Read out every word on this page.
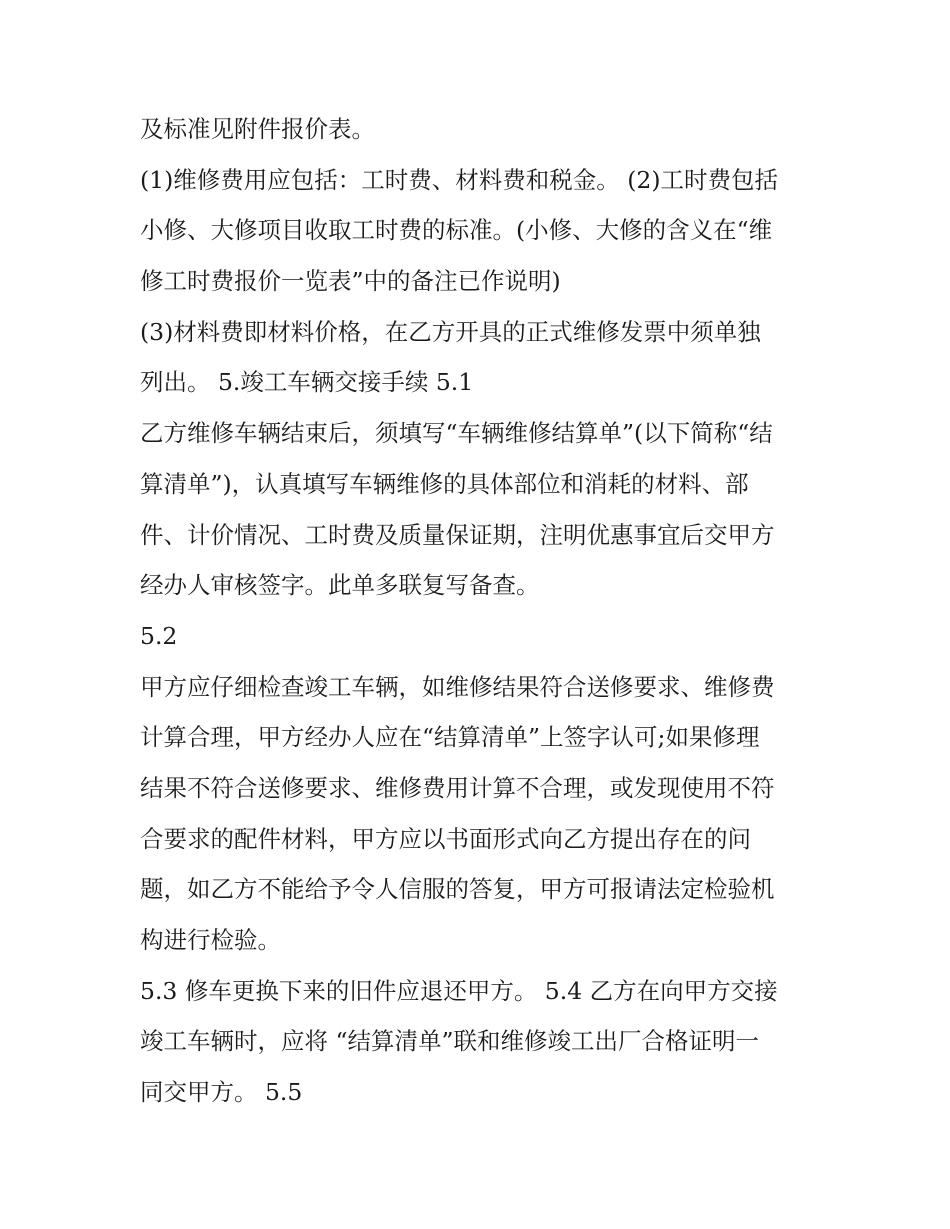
及标准见附件报价表。
(1)维修费用应包括：工时费、材料费和税金。 (2)工时费包括
小修、大修项目收取工时费的标准。(小修、大修的含义在“维
修工时费报价一览表”中的备注已作说明)
(3)材料费即材料价格，在乙方开具的正式维修发票中须单独
列出。 5.竣工车辆交接手续 5.1
乙方维修车辆结束后，须填写“车辆维修结算单”(以下简称“结
算清单”)，认真填写车辆维修的具体部位和消耗的材料、部
件、计价情况、工时费及质量保证期，注明优惠事宜后交甲方
经办人审核签字。此单多联复写备查。
5.2
甲方应仔细检查竣工车辆，如维修结果符合送修要求、维修费
计算合理，甲方经办人应在“结算清单”上签字认可;如果修理
结果不符合送修要求、维修费用计算不合理，或发现使用不符
合要求的配件材料，甲方应以书面形式向乙方提出存在的问
题，如乙方不能给予令人信服的答复，甲方可报请法定检验机
构进行检验。
5.3 修车更换下来的旧件应退还甲方。 5.4 乙方在向甲方交接
竣工车辆时，应将 “结算清单”联和维修竣工出厂合格证明一
同交甲方。 5.5
